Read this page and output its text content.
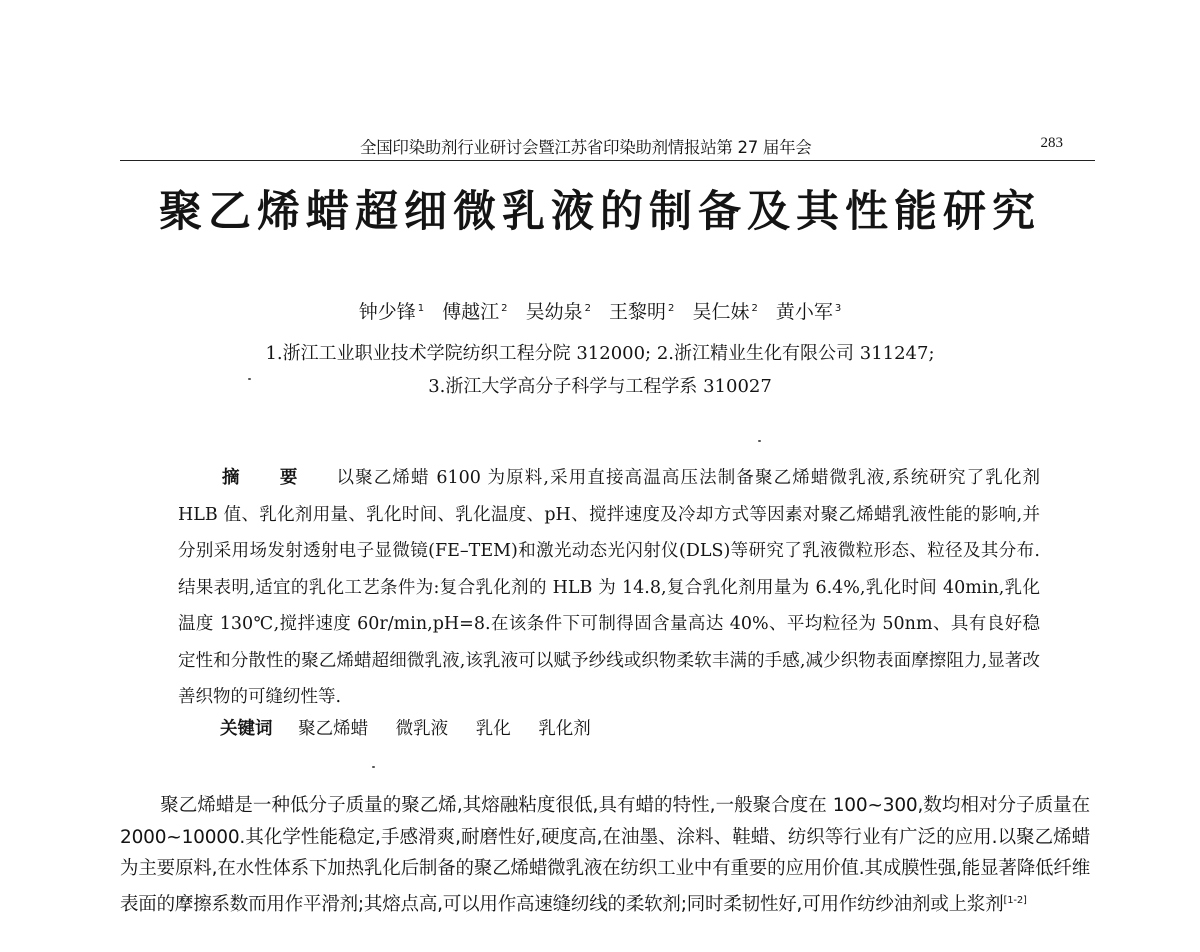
全国印染助剂行业研讨会暨江苏省印染助剂情报站第 27 届年会	283
聚乙烯蜡超细微乳液的制备及其性能研究
钟少锋 $^1$ 傅越江 $^2$ 吴幼泉 $^2$ 王黎明 $^2$ 吴仁妹 $^2$ 黄小军 $^3$
1.浙江工业职业技术学院纺织工程分院 312000; 2.浙江精业生化有限公司 311247;
3.浙江大学高分子科学与工程学系 310027
摘 要 以聚乙烯蜡 6100 为原料,采用直接高温高压法制备聚乙烯蜡微乳液,系统研究了乳化剂 HLB 值、乳化剂用量、乳化时间、乳化温度、pH、搅拌速度及冷却方式等因素对聚乙烯蜡乳液性能的影响,并分别采用场发射透射电子显微镜(FE–TEM)和激光动态光闪射仪(DLS)等研究了乳液微粒形态、粒径及其分布.结果表明,适宜的乳化工艺条件为:复合乳化剂的 HLB 为 14.8,复合乳化剂用量为 6.4%,乳化时间 40min,乳化温度 130℃,搅拌速度 60r/min,pH=8.在该条件下可制得固含量高达 40%、平均粒径为 50nm、具有良好稳定性和分散性的聚乙烯蜡超细微乳液,该乳液可以赋予纱线或织物柔软丰满的手感,减少织物表面摩擦阻力,显著改善织物的可缝纫性等.
关键词 聚乙烯蜡 微乳液 乳化 乳化剂
聚乙烯蜡是一种低分子质量的聚乙烯,其熔融粘度很低,具有蜡的特性,一般聚合度在 100~300,数均相对分子质量在 2000~10000.其化学性能稳定,手感滑爽,耐磨性好,硬度高,在油墨、涂料、鞋蜡、纺织等行业有广泛的应用.以聚乙烯蜡为主要原料,在水性体系下加热乳化后制备的聚乙烯蜡微乳液在纺织工业中有重要的应用价值.其成膜性强,能显著降低纤维表面的摩擦系数而用作平滑剂;其熔点高,可以用作高速缝纫线的柔软剂;同时柔韧性好,可用作纺纱油剂或上浆剂[1-2]
